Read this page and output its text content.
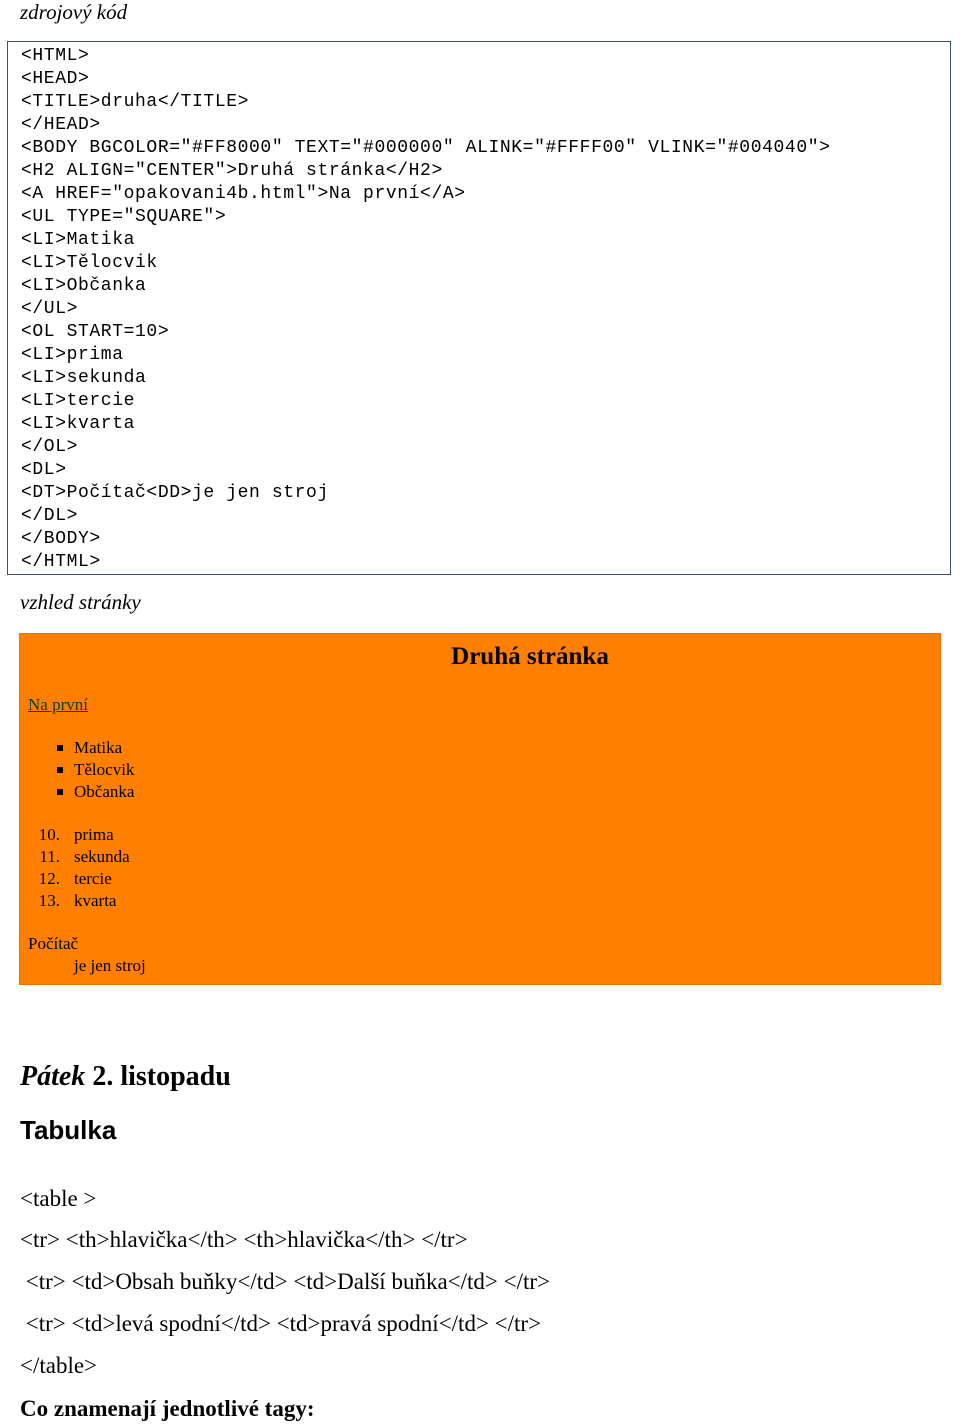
zdrojový kód
<HTML>
<HEAD>
<TITLE>druha</TITLE>
</HEAD>
<BODY BGCOLOR="#FF8000" TEXT="#000000" ALINK="#FFFF00" VLINK="#004040">
<H2 ALIGN="CENTER">Druhá stránka</H2>
<A HREF="opakovani4b.html">Na první</A>
<UL TYPE="SQUARE">
<LI>Matika
<LI>Tělocvik
<LI>Občanka
</UL>
<OL START=10>
<LI>prima
<LI>sekunda
<LI>tercie
<LI>kvarta
</OL>
<DL>
<DT>Počítač<DD>je jen stroj
</DL>
</BODY>
</HTML>
vzhled stránky
Druhá stránka
Na první
Matika
Tělocvik
Občanka
10. prima
11. sekunda
12. tercie
13. kvarta
Počítač
je jen stroj
Pátek 2. listopadu
Tabulka
<table >
<tr> <th>hlavička</th> <th>hlavička</th> </tr>
<tr> <td>Obsah buňky</td> <td>Další buňka</td> </tr>
<tr> <td>levá spodní</td> <td>pravá spodní</td> </tr>
</table>
Co znamenají jednotlivé tagy:
